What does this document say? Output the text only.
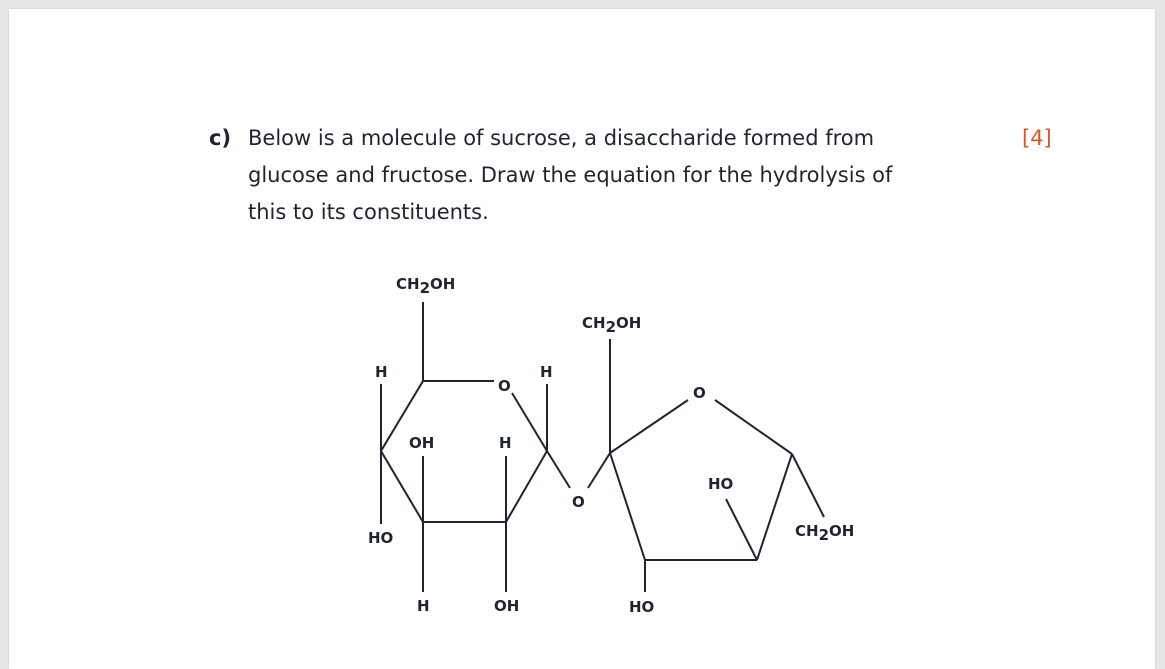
c) Below is a molecule of sucrose, a disaccharide formed from
glucose and fructose. Draw the equation for the hydrolysis of
this to its constituents.
[4]
CH2OH
H
O
H
OH	H
HO
H	OH
O
CH2OH
O
HO
CH2OH
HO
